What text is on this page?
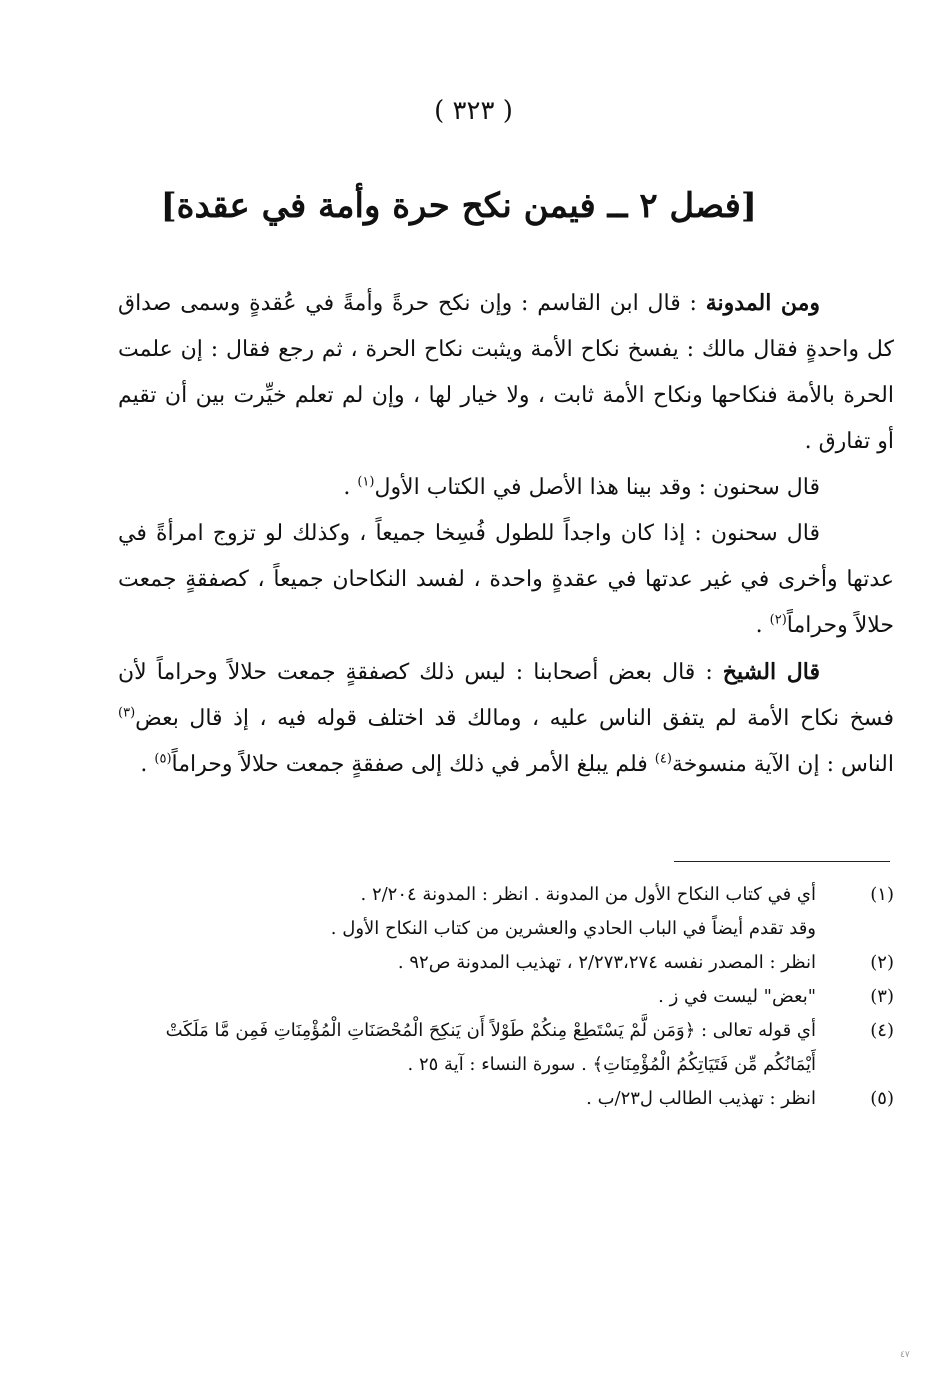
( ٣٢٣ )
[فصل ٢ ــ فيمن نكح حرة وأمة في عقدة]

ومن المدونة : قال ابن القاسم : وإن نكح حرةً وأمةً في عُقدةٍ وسمى صداق كل واحدةٍ فقال مالك : يفسخ نكاح الأمة ويثبت نكاح الحرة ، ثم رجع فقال : إن علمت الحرة بالأمة فنكاحها ونكاح الأمة ثابت ، ولا خيار لها ، وإن لم تعلم خيِّرت بين أن تقيم أو تفارق .

قال سحنون : وقد بينا هذا الأصل في الكتاب الأول$^{(١)}$ .

قال سحنون : إذا كان واجداً للطول فُسِخا جميعاً ، وكذلك لو تزوج امرأةً في عدتها وأخرى في غير عدتها في عقدةٍ واحدة ، لفسد النكاحان جميعاً ، كصفقةٍ جمعت حلالاً وحراماً$^{(٢)}$ .

قال الشيخ : قال بعض أصحابنا : ليس ذلك كصفقةٍ جمعت حلالاً وحراماً لأن فسخ نكاح الأمة لم يتفق الناس عليه ، ومالك قد اختلف قوله فيه ، إذ قال بعض$^{(٣)}$ الناس : إن الآية منسوخة$^{(٤)}$ فلم يبلغ الأمر في ذلك إلى صفقةٍ جمعت حلالاً وحراماً$^{(٥)}$ .

(١)
أي في كتاب النكاح الأول من المدونة . انظر : المدونة ٢/٢٠٤ .
وقد تقدم أيضاً في الباب الحادي والعشرين من كتاب النكاح الأول .
(٢)
انظر : المصدر نفسه ٢/٢٧٣،٢٧٤ ، تهذيب المدونة ص٩٢ .
(٣)
"بعض" ليست في ز .
(٤)
أي قوله تعالى : ﴿وَمَن لَّمْ يَسْتَطِعْ مِنكُمْ طَوْلاً أَن يَنكِحَ الْمُحْصَنَاتِ الْمُؤْمِنَاتِ فَمِن مَّا مَلَكَتْ
أَيْمَانُكُم مِّن فَتَيَاتِكُمُ الْمُؤْمِنَاتِ﴾ . سورة النساء : آية ٢٥ .
(٥)
انظر : تهذيب الطالب ل٢٣/ب .
٤٧
